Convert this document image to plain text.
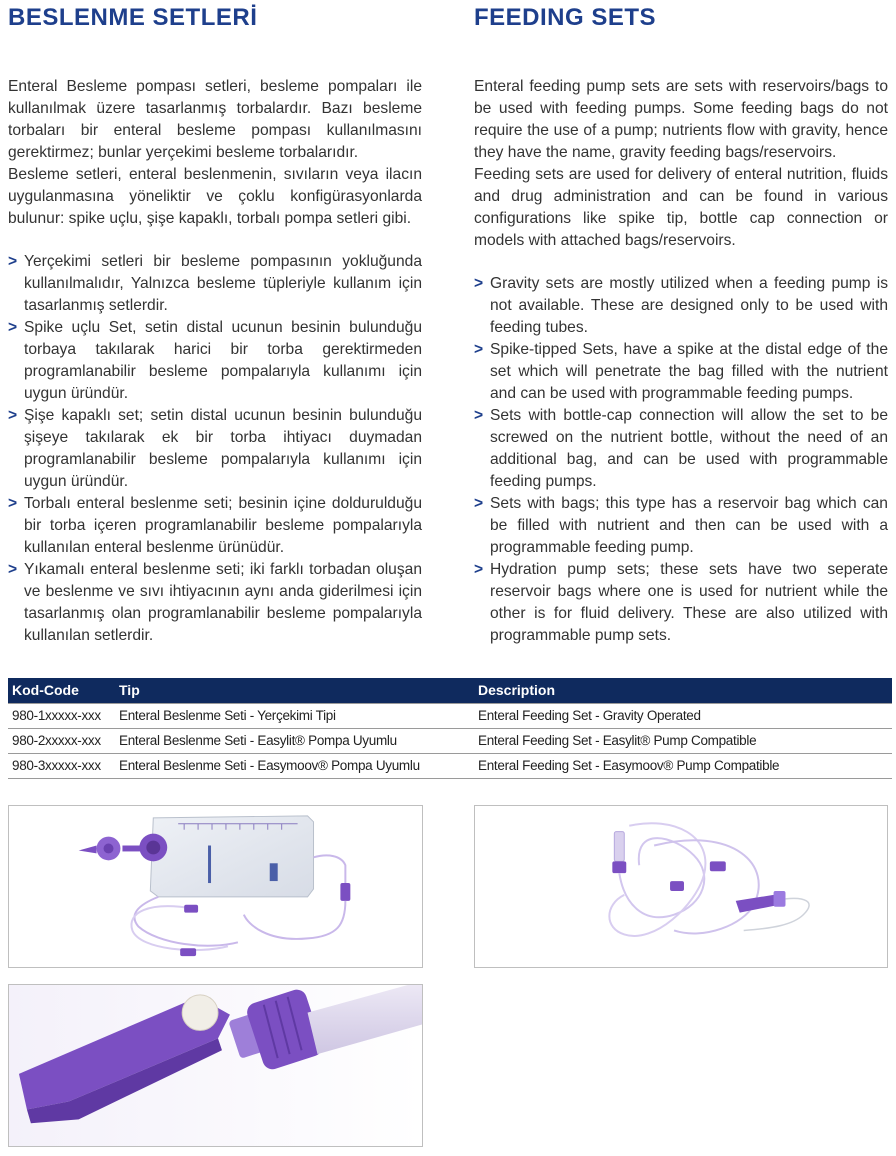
BESLENME SETLERİ	FEEDING SETS

Enteral Besleme pompası setleri, besleme pompaları ile kullanılmak üzere tasarlanmış torbalardır. Bazı besleme torbaları bir enteral besleme pompası kullanılmasını gerektirmez; bunlar yerçekimi besleme torbalarıdır.

Besleme setleri, enteral beslenmenin, sıvıların veya ilacın uygulanmasına yöneliktir ve çoklu konfigürasyonlarda bulunur: spike uçlu, şişe kapaklı, torbalı pompa setleri gibi.

> Yerçekimi setleri bir besleme pompasının yokluğunda kullanılmalıdır, Yalnızca besleme tüpleriyle kullanım için tasarlanmış setlerdir.
> Spike uçlu Set, setin distal ucunun besinin bulunduğu torbaya takılarak harici bir torba gerektirmeden programlanabilir besleme pompalarıyla kullanımı için uygun üründür.
> Şişe kapaklı set; setin distal ucunun besinin bulunduğu şişeye takılarak ek bir torba ihtiyacı duymadan programlanabilir besleme pompalarıyla kullanımı için uygun üründür.
> Torbalı enteral beslenme seti; besinin içine doldurulduğu bir torba içeren programlanabilir besleme pompalarıyla kullanılan enteral beslenme ürünüdür.
> Yıkamalı enteral beslenme seti; iki farklı torbadan oluşan ve beslenme ve sıvı ihtiyacının aynı anda giderilmesi için tasarlanmış olan programlanabilir besleme pompalarıyla kullanılan setlerdir.

Enteral feeding pump sets are sets with reservoirs/bags to be used with feeding pumps. Some feeding bags do not require the use of a pump; nutrients flow with gravity, hence they have the name, gravity feeding bags/reservoirs.

Feeding sets are used for delivery of enteral nutrition, fluids and drug administration and can be found in various configurations like spike tip, bottle cap connection or models with attached bags/reservoirs.

> Gravity sets are mostly utilized when a feeding pump is not available. These are designed only to be used with feeding tubes.
> Spike-tipped Sets, have a spike at the distal edge of the set which will penetrate the bag filled with the nutrient and can be used with programmable feeding pumps.
> Sets with bottle-cap connection will allow the set to be screwed on the nutrient bottle, without the need of an additional bag, and can be used with programmable feeding pumps.
> Sets with bags; this type has a reservoir bag which can be filled with nutrient and then can be used with a programmable feeding pump.
> Hydration pump sets; these sets have two seperate reservoir bags where one is used for nutrient while the other is for fluid delivery. These are also utilized with programmable pump sets.
Kod-Code	Tip	Description
980-1xxxxx-xxx	Enteral Beslenme Seti - Yerçekimi Tipi	Enteral Feeding Set - Gravity Operated
980-2xxxxx-xxx	Enteral Beslenme Seti - Easylit® Pompa Uyumlu	Enteral Feeding Set - Easylit® Pump Compatible
980-3xxxxx-xxx	Enteral Beslenme Seti - Easymoov® Pompa Uyumlu	Enteral Feeding Set - Easymoov® Pump Compatible
